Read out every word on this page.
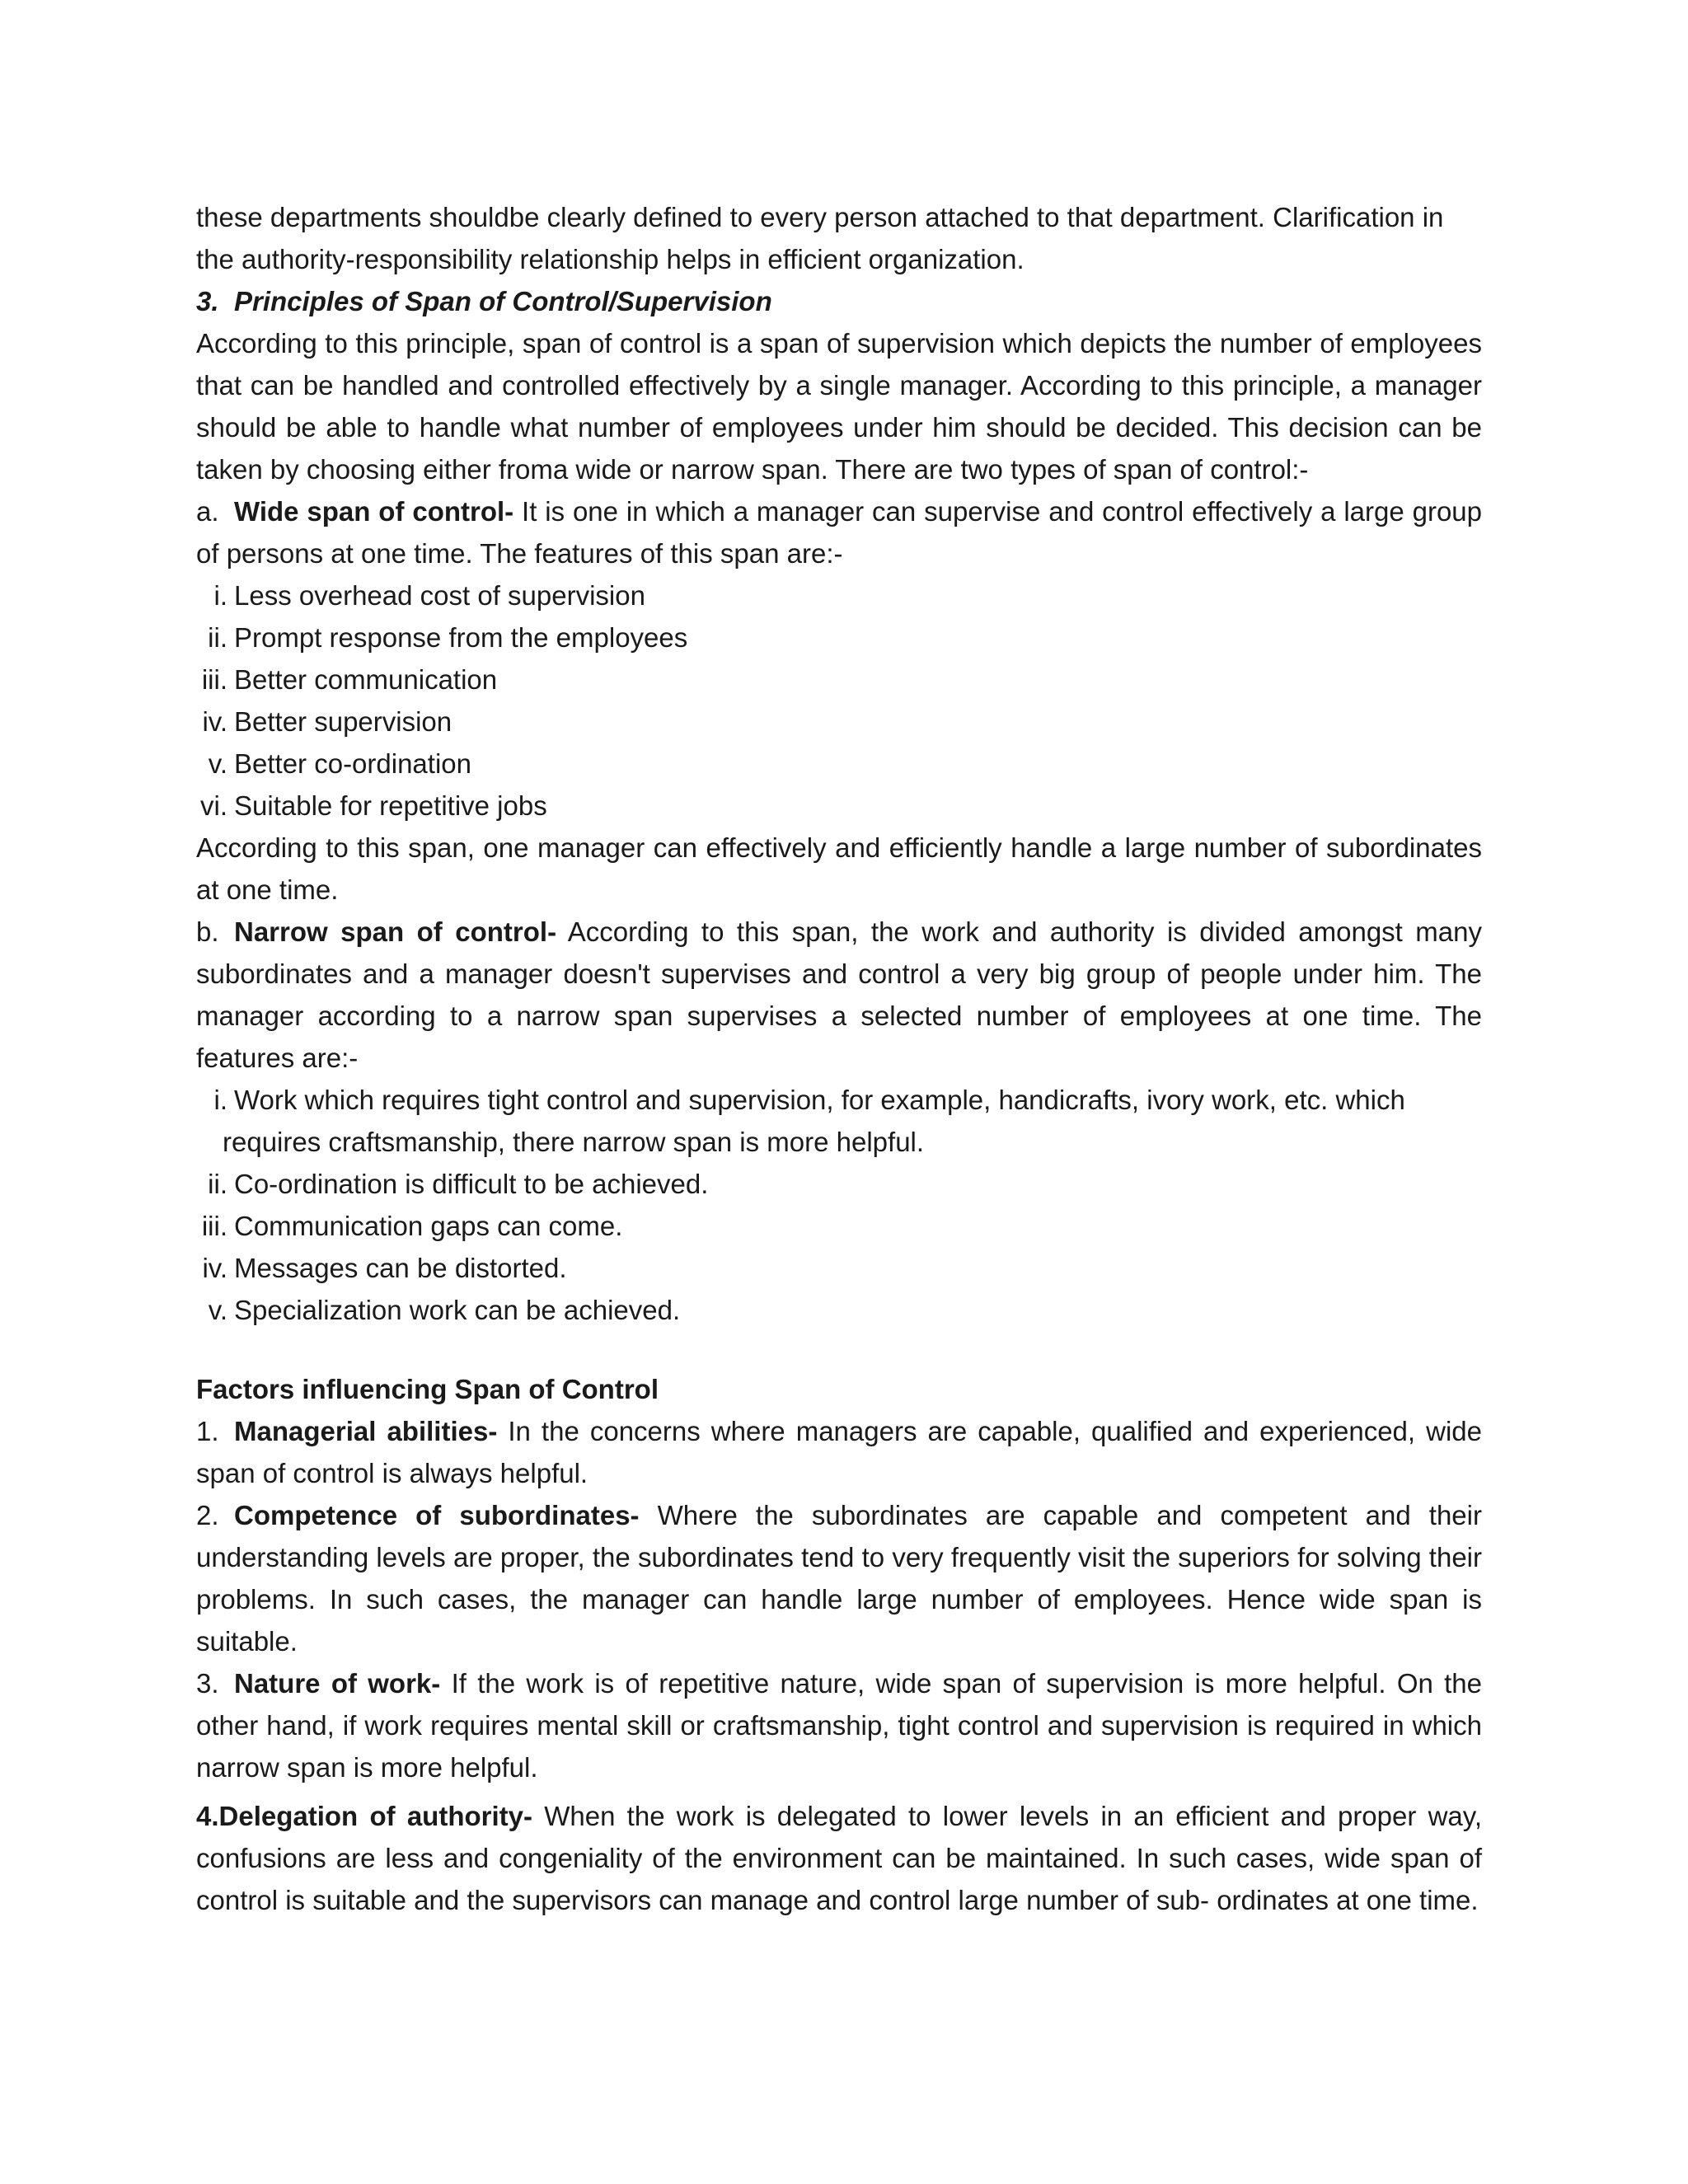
these departments shouldbe clearly defined to every person attached to that department. Clarification in

the authority-responsibility relationship helps in efficient organization.

3. Principles of Span of Control/Supervision

According to this principle, span of control is a span of supervision which depicts the number of employees that can be handled and controlled effectively by a single manager. According to this principle, a manager should be able to handle what number of employees under him should be decided. This decision can be taken by choosing either froma wide or narrow span. There are two types of span of control:-

a. Wide span of control- It is one in which a manager can supervise and control effectively a large group of persons at one time. The features of this span are:-

i. Less overhead cost of supervision

ii. Prompt response from the employees

iii. Better communication

iv. Better supervision

v. Better co-ordination

vi. Suitable for repetitive jobs

According to this span, one manager can effectively and efficiently handle a large number of subordinates at one time.

b. Narrow span of control- According to this span, the work and authority is divided amongst many subordinates and a manager doesn't supervises and control a very big group of people under him. The manager according to a narrow span supervises a selected number of employees at one time. The features are:-

i. Work which requires tight control and supervision, for example, handicrafts, ivory work, etc. which

requires craftsmanship, there narrow span is more helpful.

ii. Co-ordination is difficult to be achieved.

iii. Communication gaps can come.

iv. Messages can be distorted.

v. Specialization work can be achieved.

Factors influencing Span of Control

1. Managerial abilities- In the concerns where managers are capable, qualified and experienced, wide span of control is always helpful.

2. Competence of subordinates- Where the subordinates are capable and competent and their understanding levels are proper, the subordinates tend to very frequently visit the superiors for solving their problems. In such cases, the manager can handle large number of employees. Hence wide span is suitable.

3. Nature of work- If the work is of repetitive nature, wide span of supervision is more helpful. On the other hand, if work requires mental skill or craftsmanship, tight control and supervision is required in which narrow span is more helpful.

4.Delegation of authority- When the work is delegated to lower levels in an efficient and proper way, confusions are less and congeniality of the environment can be maintained. In such cases, wide span of control is suitable and the supervisors can manage and control large number of sub- ordinates at one time.
